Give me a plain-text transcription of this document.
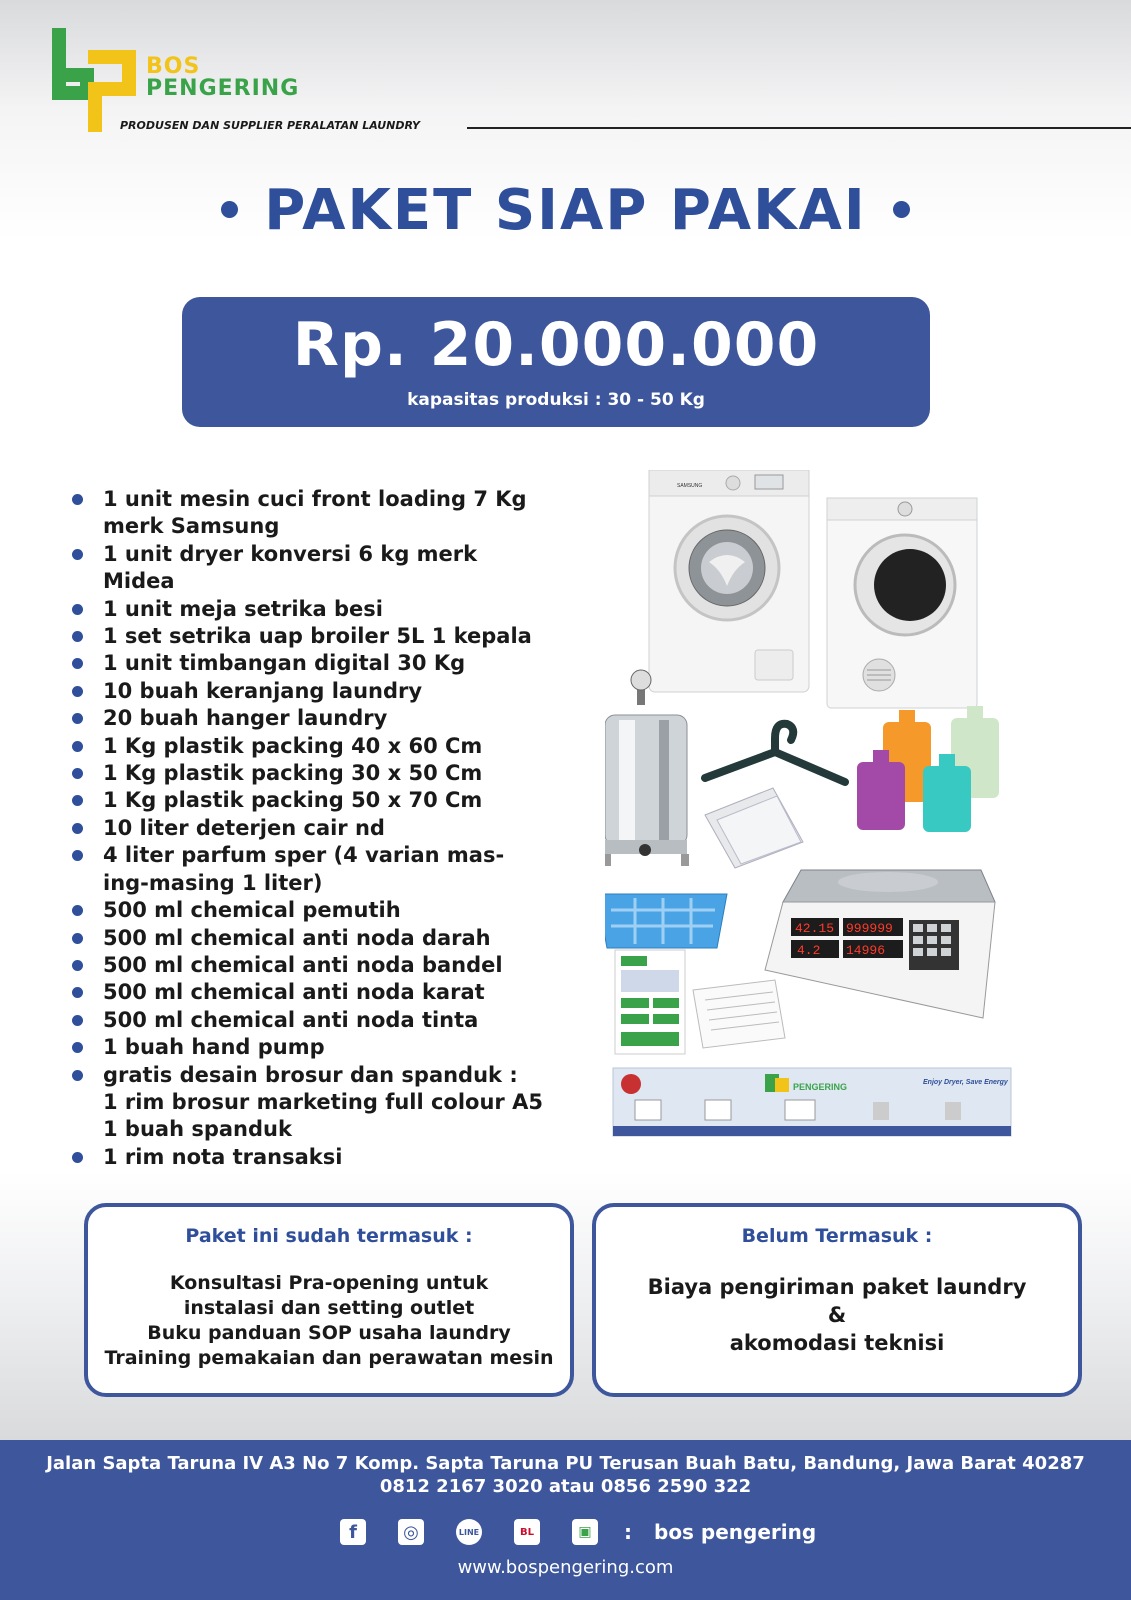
BOS
PENGERING
PRODUSEN DAN SUPPLIER PERALATAN LAUNDRY
PAKET SIAP PAKAI
Rp. 20.000.000
kapasitas produksi : 30 - 50 Kg
1 unit mesin cuci front loading 7 Kg
merk Samsung
1 unit dryer konversi 6 kg merk
Midea
1 unit meja setrika besi
1 set setrika uap broiler 5L 1 kepala
1 unit timbangan digital 30 Kg
10 buah keranjang laundry
20 buah hanger laundry
1 Kg plastik packing 40 x 60 Cm
1 Kg plastik packing 30 x 50 Cm
1 Kg plastik packing 50 x 70 Cm
10 liter deterjen cair nd
4 liter parfum sper (4 varian mas-
ing-masing 1 liter)
500 ml chemical pemutih
500 ml chemical anti noda darah
500 ml chemical anti noda bandel
500 ml chemical anti noda karat
500 ml chemical anti noda tinta
1 buah hand pump
gratis desain brosur dan spanduk :
1 rim brosur marketing full colour A5
1 buah spanduk
1 rim nota transaksi
SAMSUNG
42.15 999999
4.2 14996
PENGERING	Enjoy Dryer, Save Energy
Paket ini sudah termasuk :
Konsultasi Pra-opening untuk
instalasi dan setting outlet
Buku panduan SOP usaha laundry
Training pemakaian dan perawatan mesin
Belum Termasuk :
Biaya pengiriman paket laundry
&
akomodasi teknisi
Jalan Sapta Taruna IV A3 No 7 Komp. Sapta Taruna PU Terusan Buah Batu, Bandung, Jawa Barat 40287
0812 2167 3020 atau 0856 2590 322
f	◎	LINE	BL	▣	: bos pengering
www.bospengering.com
